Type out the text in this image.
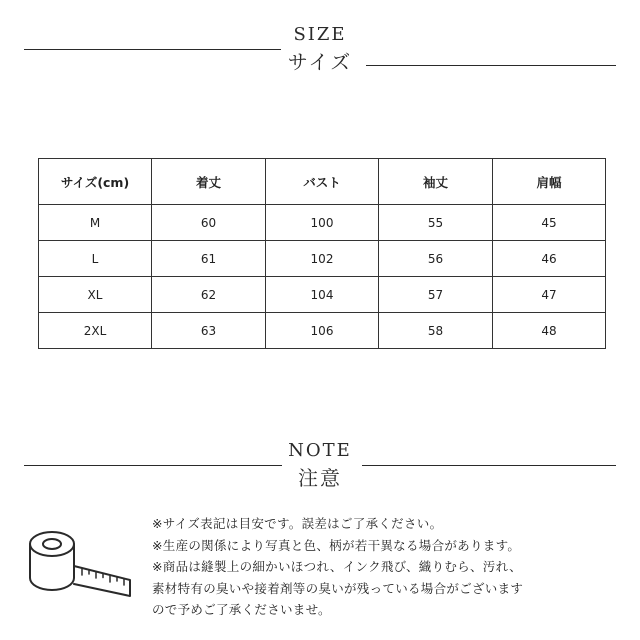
SIZE
サイズ
サイズ(cm)	着丈	バスト	袖丈	肩幅
M	60	100	55	45
L	61	102	56	46
XL	62	104	57	47
2XL	63	106	58	48
NOTE
注意
※サイズ表記は目安です。誤差はご了承ください。
※生産の関係により写真と色、柄が若干異なる場合があります。
※商品は縫製上の細かいほつれ、インク飛び、織りむら、汚れ、
素材特有の臭いや接着剤等の臭いが残っている場合がございます
ので予めご了承くださいませ。
